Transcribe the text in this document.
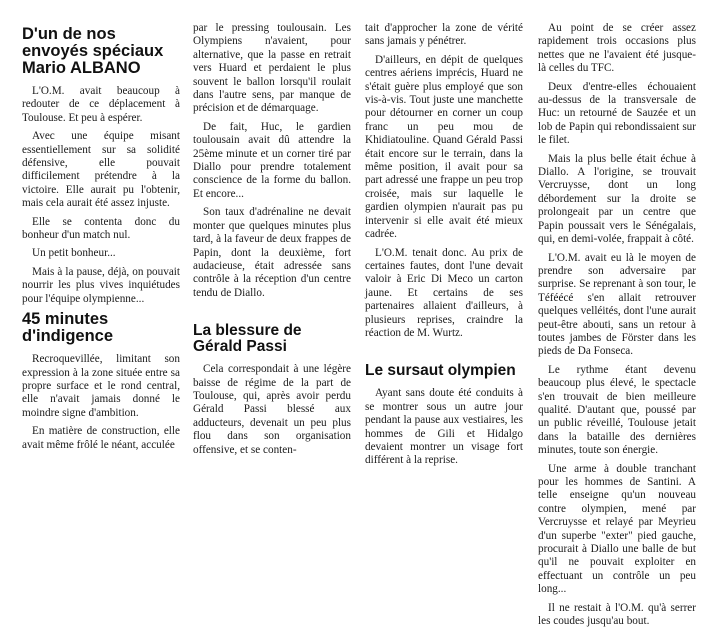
D'un de nos envoyés spéciaux Mario ALBANO

L'O.M. avait beaucoup à redouter de ce déplacement à Toulouse. Et peu à espérer.

Avec une équipe misant essentiellement sur sa solidité défensive, elle pouvait difficilement prétendre à la victoire. Elle aurait pu l'obtenir, mais cela aurait été assez injuste.

Elle se contenta donc du bonheur d'un match nul.

Un petit bonheur...

Mais à la pause, déjà, on pouvait nourrir les plus vives inquiétudes pour l'équipe olympienne...

45 minutes d'indigence

Recroquevillée, limitant son expression à la zone située entre sa propre surface et le rond central, elle n'avait jamais donné le moindre signe d'ambition.

En matière de construction, elle avait même frôlé le néant, acculée

par le pressing toulousain. Les Olympiens n'avaient, pour alternative, que la passe en retrait vers Huard et perdaient le plus souvent le ballon lorsqu'il roulait dans l'autre sens, par manque de précision et de démarquage.

De fait, Huc, le gardien toulousain avait dû attendre la 25ème minute et un corner tiré par Diallo pour prendre totalement conscience de la forme du ballon. Et encore...

Son taux d'adrénaline ne devait monter que quelques minutes plus tard, à la faveur de deux frappes de Papin, dont la deuxième, fort audacieuse, était adressée sans contrôle à la réception d'un centre tendu de Diallo.

La blessure de Gérald Passi

Cela correspondait à une légère baisse de régime de la part de Toulouse, qui, après avoir perdu Gérald Passi blessé aux adducteurs, devenait un peu plus flou dans son organisation offensive, et se conten-

tait d'approcher la zone de vérité sans jamais y pénétrer.

D'ailleurs, en dépit de quelques centres aériens imprécis, Huard ne s'était guère plus employé que son vis-à-vis. Tout juste une manchette pour détourner en corner un coup franc un peu mou de Khidiatouline. Quand Gérald Passi était encore sur le terrain, dans la même position, il avait pour sa part adressé une frappe un peu trop croisée, mais sur laquelle le gardien olympien n'aurait pas pu intervenir si elle avait été mieux cadrée.

L'O.M. tenait donc. Au prix de certaines fautes, dont l'une devait valoir à Eric Di Meco un carton jaune. Et certains de ses partenaires allaient d'ailleurs, à plusieurs reprises, craindre la réaction de M. Wurtz.

Le sursaut olympien

Ayant sans doute été conduits à se montrer sous un autre jour pendant la pause aux vestiaires, les hommes de Gili et Hidalgo devaient montrer un visage fort différent à la reprise.

Au point de se créer assez rapidement trois occasions plus nettes que ne l'avaient été jusque-là celles du TFC.

Deux d'entre-elles échouaient au-dessus de la transversale de Huc: un retourné de Sauzée et un lob de Papin qui rebondissaient sur le filet.

Mais la plus belle était échue à Diallo. A l'origine, se trouvait Vercruysse, dont un long débordement sur la droite se prolongeait par un centre que Papin poussait vers le Sénégalais, qui, en demi-volée, frappait à côté.

L'O.M. avait eu là le moyen de prendre son adversaire par surprise. Se reprenant à son tour, le Téféécé s'en allait retrouver quelques velléités, dont l'une aurait peut-être abouti, sans un retour à toutes jambes de Förster dans les pieds de Da Fonseca.

Le rythme étant devenu beaucoup plus élevé, le spectacle s'en trouvait de bien meilleure qualité. D'autant que, poussé par un public réveillé, Toulouse jetait dans la bataille des dernières minutes, toute son énergie.

Une arme à double tranchant pour les hommes de Santini. A telle enseigne qu'un nouveau contre olympien, mené par Vercruysse et relayé par Meyrieu d'un superbe "exter" pied gauche, procurait à Diallo une balle de but qu'il ne pouvait exploiter en effectuant un contrôle un peu long...

Il ne restait à l'O.M. qu'à serrer les coudes jusqu'au bout.
